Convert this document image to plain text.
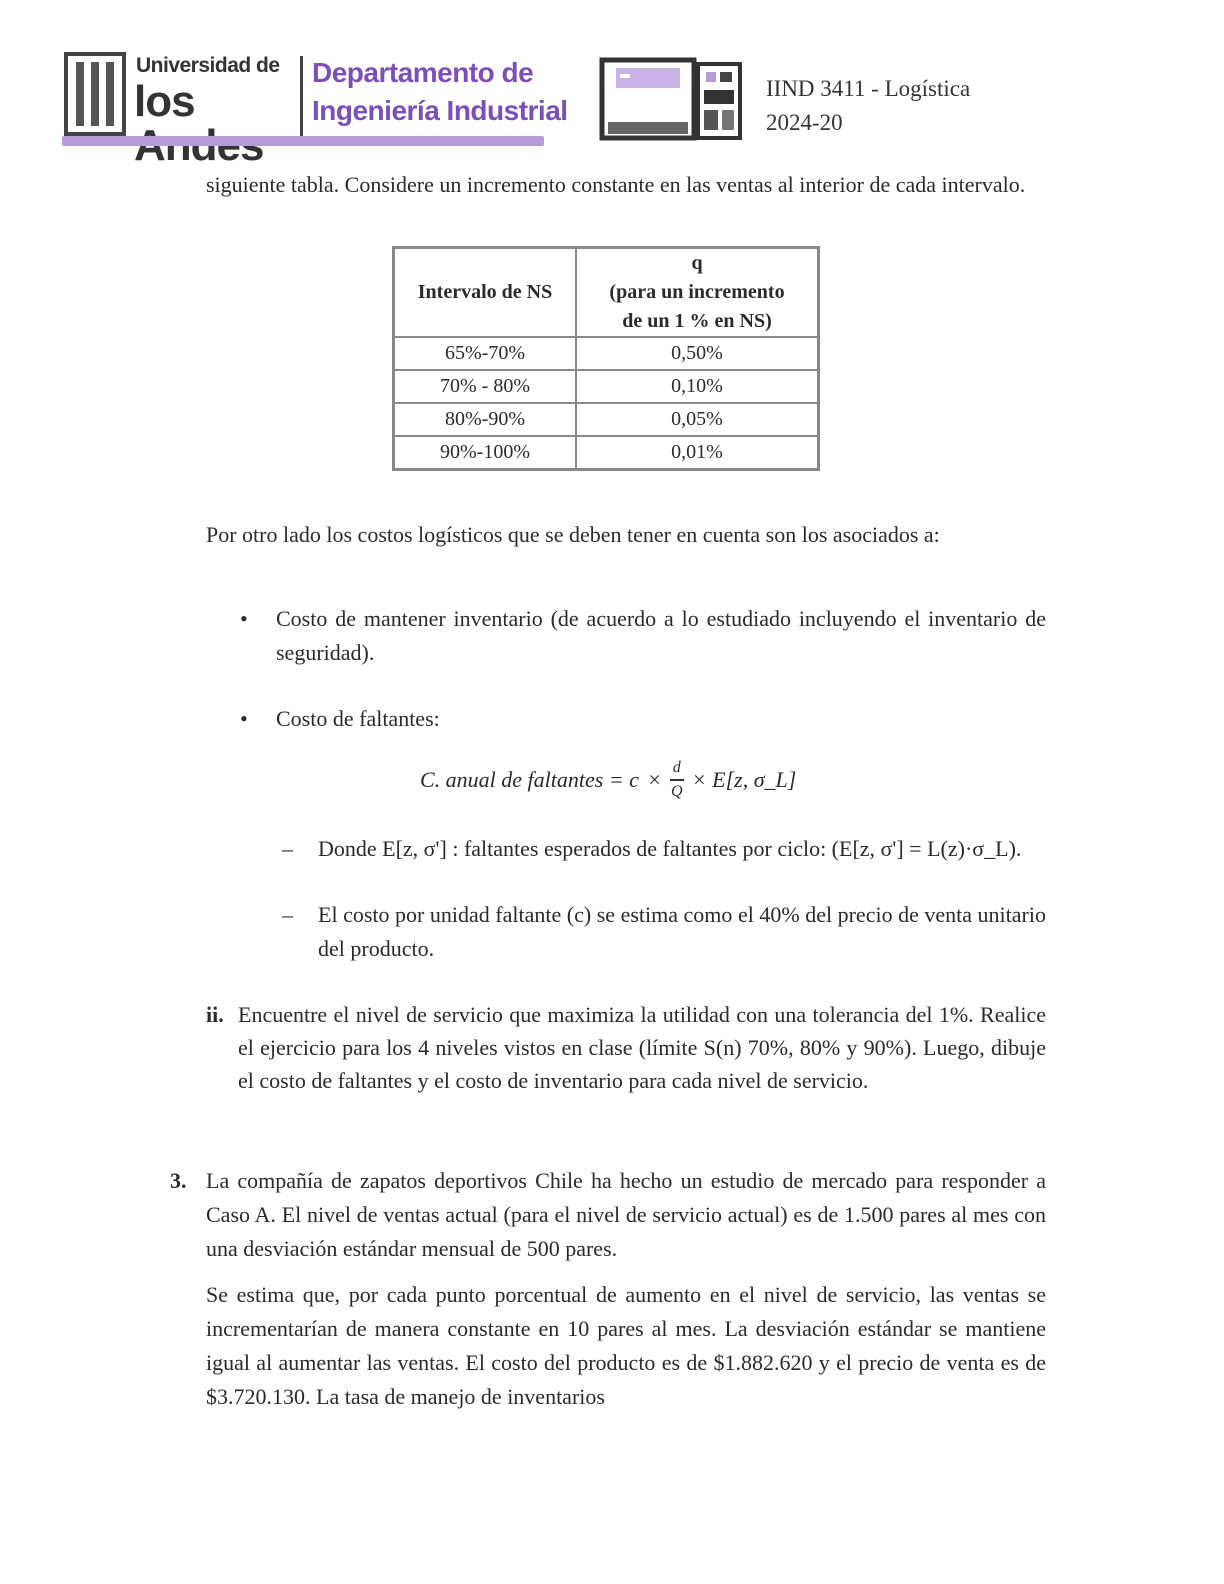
Universidad de
los
Departamento de
Ingeniería Industrial
IIND 3411 - Logística
2024-20

siguiente tabla. Considere un incremento constante en las ventas al interior de cada intervalo.

Intervalo de NS	q
(para un incremento
de un 1 % en NS)

65%-70%	0,50%
70% - 80%	0,10%
80%-90%	0,05%
90%-100%	0,01%

Por otro lado los costos logísticos que se deben tener en cuenta son los asociados a:

• Costo de mantener inventario (de acuerdo a lo estudiado incluyendo el inventario de seguridad).
• Costo de faltantes:
C. anual de faltantes = $c \times \frac{d}{Q} \times E[z$, σ_L]
– Donde E[z, σ'] : faltantes esperados de faltantes por ciclo: (E[z, σ'] = L(z)·σ_L).
– El costo por unidad faltante (c) se estima como el 40% del precio de venta unitario del producto.
ii. Encuentre el nivel de servicio que maximiza la utilidad con una tolerancia del 1%. Realice el ejercicio para los 4 niveles vistos en clase (límite S(n) 70%, 80% y 90%). Luego, dibuje el costo de faltantes y el costo de inventario para cada nivel de servicio.
3. La compañía de zapatos deportivos Chile ha hecho un estudio de mercado para responder a Caso A. El nivel de ventas actual (para el nivel de servicio actual) es de 1.500 pares al mes con una desviación estándar mensual de 500 pares.

Se estima que, por cada punto porcentual de aumento en el nivel de servicio, las ventas se incrementarían de manera constante en 10 pares al mes. La desviación estándar se mantiene igual al aumentar las ventas. El costo del producto es de $1.882.620 y el precio de venta es de $3.720.130. La tasa de manejo de inventarios
